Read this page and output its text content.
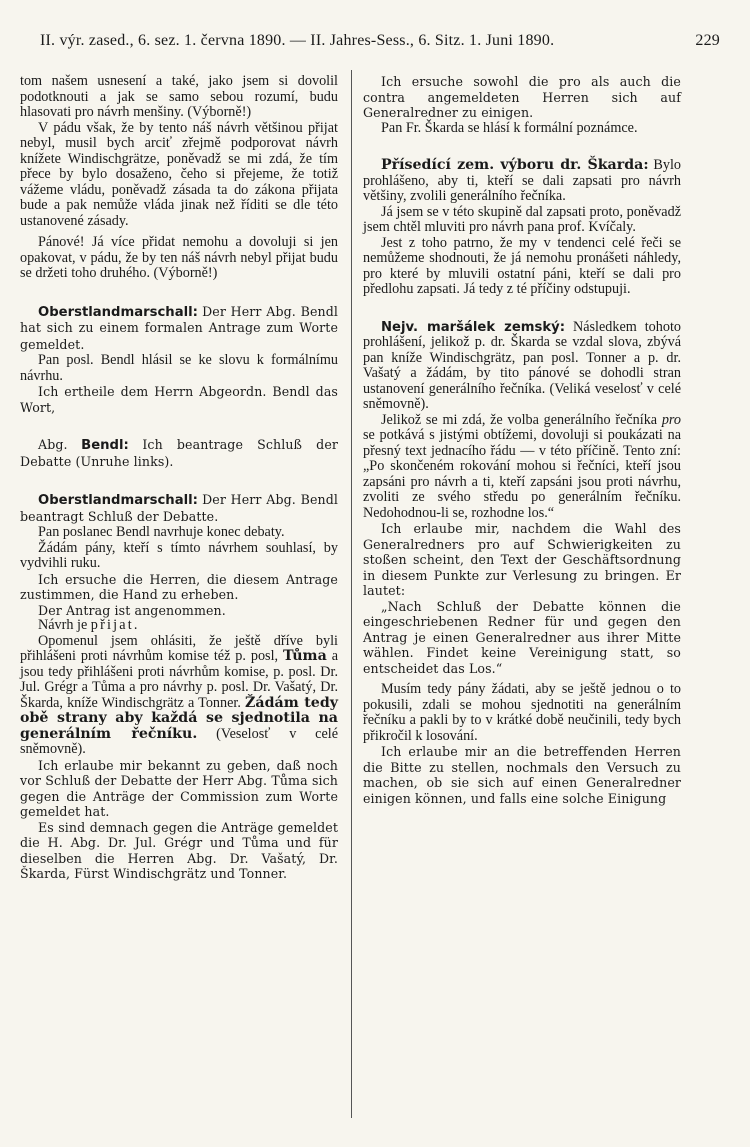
II. výr. zased., 6. sez. 1. června 1890. — II. Jahres-Sess., 6. Sitz. 1. Juni 1890.	229

tom našem usnesení a také, jakо jsem si dovolil podotknouti a jak se samo sebou rozumí, budu hlasovati pro návrh menšiny. (Výborně!)

V pádu však, že by tento náš návrh většinou přijat nebyl, musil bych arciť zřejmě podporovat návrh knížete Windischgrätze, poněvadž se mi zdá, že tím přece by bylo dosaženo, čeho si přejeme, že totiž vážeme vládu, poněvadž zásada ta do zákona přijata bude a pak nemůže vláda jinak než říditi se dle této ustanovené zásady.

Pánové! Já více přidat nemohu a dovoluji si jen opakovat, v pádu, že by ten náš návrh nebyl přijat budu se držeti toho druhého. (Výborně!)

Oberstlandmarschall: Der Herr Abg. Bendl hat sich zu einem formalen Antrage zum Worte gemeldet.

Pan posl. Bendl hlásil se ke slovu k formálnímu návrhu.

Ich ertheile dem Herrn Abgeordn. Bendl das Wort,

Abg. Bendl: Ich beantrage Schluß der Debatte (Unruhe links).

Oberstlandmarschall: Der Herr Abg. Bendl beantragt Schluß der Debatte.

Pan poslanec Bendl navrhuje konec debaty.

Žádám pány, kteří s tímto návrhem souhlasí, by vydvihli ruku.

Ich ersuche die Herren, die diesem Antrage zustimmen, die Hand zu erheben.

Der Antrag ist angenommen.

Návrh je přijat.

Opomenul jsem ohlásiti, že ještě dříve byli přihlášeni proti návrhům komise též p. posl, Tůma a jsou tedy přihlášeni proti návrhům komise, p. posl. Dr. Jul. Grégr a Tůma a pro návrhy p. posl. Dr. Vašatý, Dr. Škarda, kníže Windischgrätz a Tonner. Žádám tedy obě strany aby každá se sjednotila na generálním řečníku. (Veselosť v celé sněmovně).

Ich erlaube mir bekannt zu geben, daß noch vor Schluß der Debatte der Herr Abg. Tůma sich gegen die Anträge der Commission zum Worte gemeldet hat.

Es sind demnach gegen die Anträge gemeldet die H. Abg. Dr. Jul. Grégr und Tůma und für dieselben die Herren Abg. Dr. Vašatý, Dr. Škarda, Fürst Windischgrätz und Tonner.

Ich ersuche sowohl die pro als auch die contra angemeldeten Herren sich auf Generalredner zu einigen.

Pan Fr. Škarda se hlásí k formální poznámce.

Přísedící zem. výboru dr. Škarda: Bylo prohlášeno, aby ti, kteří se dali zapsati pro návrh většiny, zvolili generálního řečníka.

Já jsem se v této skupině dal zapsati proto, poněvadž jsem chtěl mluviti pro návrh pana prof. Kvíčaly.

Jest z toho patrno, že my v tendenci celé řeči se nemůžeme shodnouti, že já nemohu pronášeti náhledy, pro které by mluvili ostatní páni, kteří se dali pro předlohu zapsati. Já tedy z té příčiny odstupuji.

Nejv. maršálek zemský: Následkem tohoto prohlášení, jelikož p. dr. Škarda se vzdal slova, zbývá pan kníže Windischgrätz, pan posl. Tonner a p. dr. Vašatý a žádám, by tito pánové se dohodli stran ustanovení generálního řečníka. (Veliká veselosť v celé sněmovně).

Jelikož se mi zdá, že volba generálního řečníka pro se potkává s jistými obtížemi, dovoluji si poukázati na přesný text jednacího řádu — v této příčině. Tento zní: „Po skončeném rokování mohou si řečníci, kteří jsou zapsáni pro návrh a ti, kteří zapsáni jsou proti návrhu, zvoliti ze svého středu po generálním řečníku. Nedohodnou-li se, rozhodne los.“

Ich erlaube mir, nachdem die Wahl des Generalredners pro auf Schwierigkeiten zu stoßen scheint, den Text der Geschäftsordnung in diesem Punkte zur Verlesung zu bringen. Er lautet:

„Nach Schluß der Debatte können die eingeschriebenen Redner für und gegen den Antrag je einen Generalredner aus ihrer Mitte wählen. Findet keine Vereinigung statt, so entscheidet das Los.“

Musím tedy pány žádati, aby se ještě jednou o to pokusili, zdali se mohou sjednotiti na generálním řečníku a pakli by to v krátké době neučinili, tedy bych přikročil k losování.

Ich erlaube mir an die betreffenden Herren die Bitte zu stellen, nochmals den Versuch zu machen, ob sie sich auf einen Generalredner einigen können, und falls eine solche Einigung
